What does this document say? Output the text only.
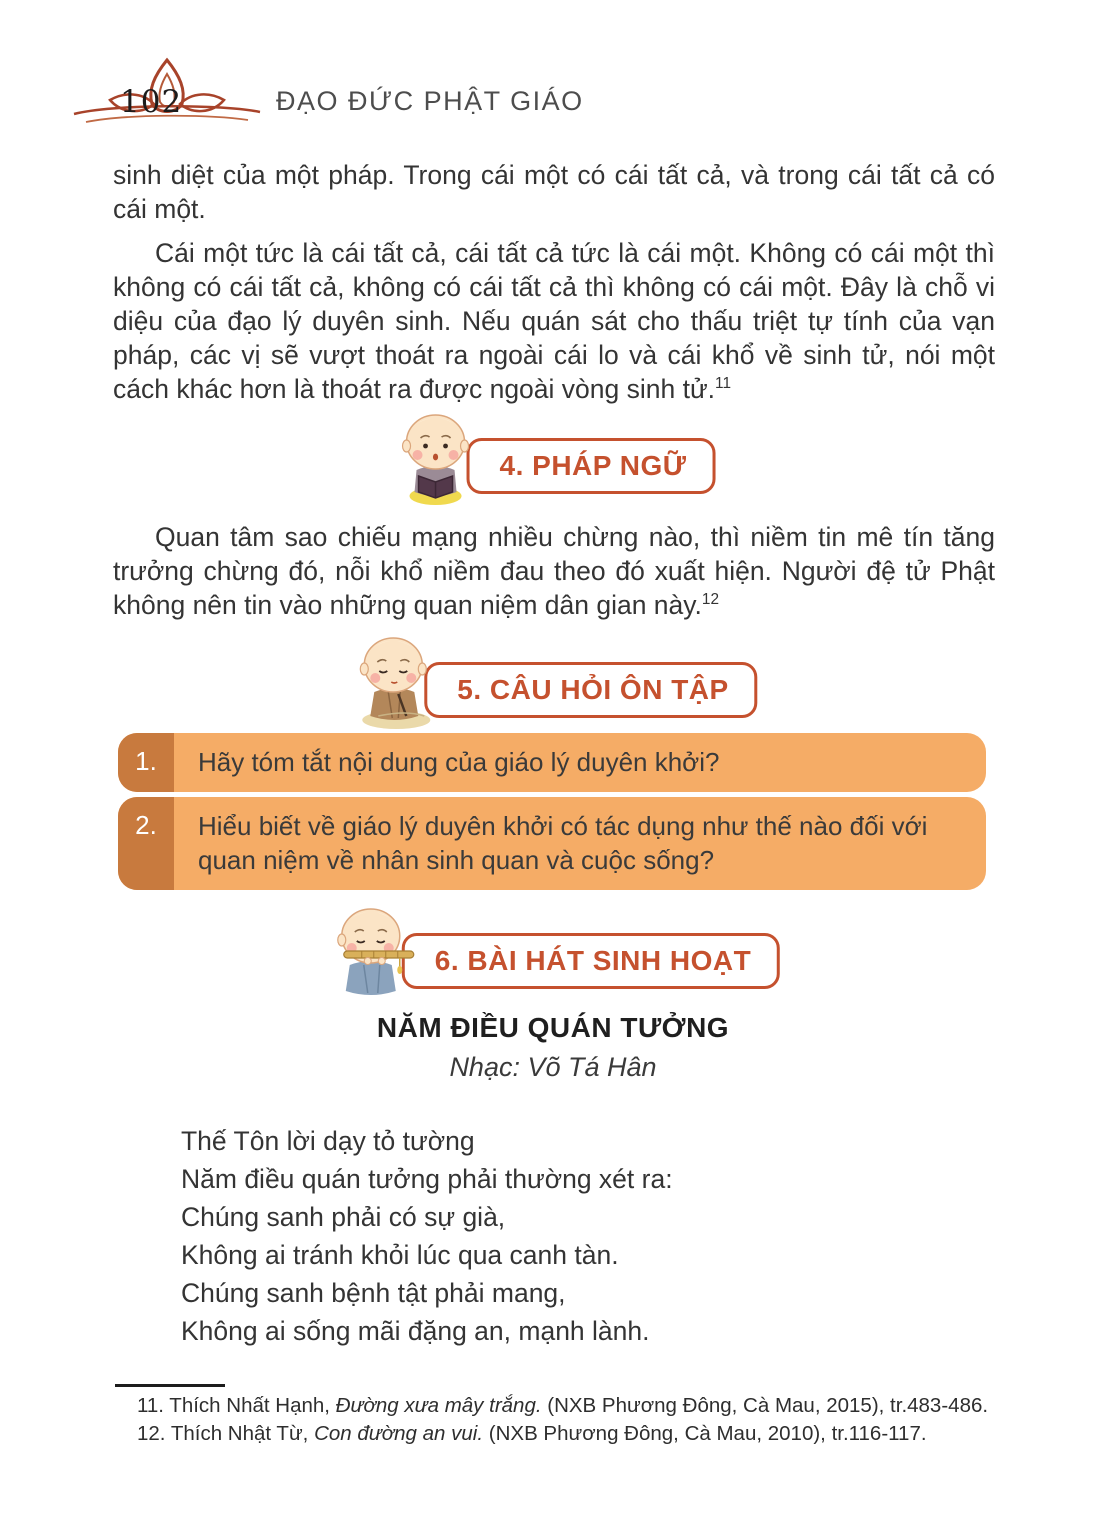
102	ĐẠO ĐỨC PHẬT GIÁO
sinh diệt của một pháp. Trong cái một có cái tất cả, và trong cái tất cả có cái một.
Cái một tức là cái tất cả, cái tất cả tức là cái một. Không có cái một thì không có cái tất cả, không có cái tất cả thì không có cái một. Đây là chỗ vi diệu của đạo lý duyên sinh. Nếu quán sát cho thấu triệt tự tính của vạn pháp, các vị sẽ vượt thoát ra ngoài cái lo và cái khổ về sinh tử, nói một cách khác hơn là thoát ra được ngoài vòng sinh tử.$^{11}$
4. PHÁP NGỮ
Quan tâm sao chiếu mạng nhiều chừng nào, thì niềm tin mê tín tăng trưởng chừng đó, nỗi khổ niềm đau theo đó xuất hiện. Người đệ tử Phật không nên tin vào những quan niệm dân gian này.$^{12}$
5. CÂU HỎI ÔN TẬP
1.	Hãy tóm tắt nội dung của giáo lý duyên khởi?
2.	Hiểu biết về giáo lý duyên khởi có tác dụng như thế nào đối với quan niệm về nhân sinh quan và cuộc sống?
6. BÀI HÁT SINH HOẠT
NĂM ĐIỀU QUÁN TƯỞNG
Nhạc: Võ Tá Hân
Thế Tôn lời dạy tỏ tường
Năm điều quán tưởng phải thường xét ra:
Chúng sanh phải có sự già,
Không ai tránh khỏi lúc qua canh tàn.
Chúng sanh bệnh tật phải mang,
Không ai sống mãi đặng an, mạnh lành.
11. Thích Nhất Hạnh, Đường xưa mây trắng. (NXB Phương Đông, Cà Mau, 2015), tr.483-486.
12. Thích Nhật Từ, Con đường an vui. (NXB Phương Đông, Cà Mau, 2010), tr.116-117.
